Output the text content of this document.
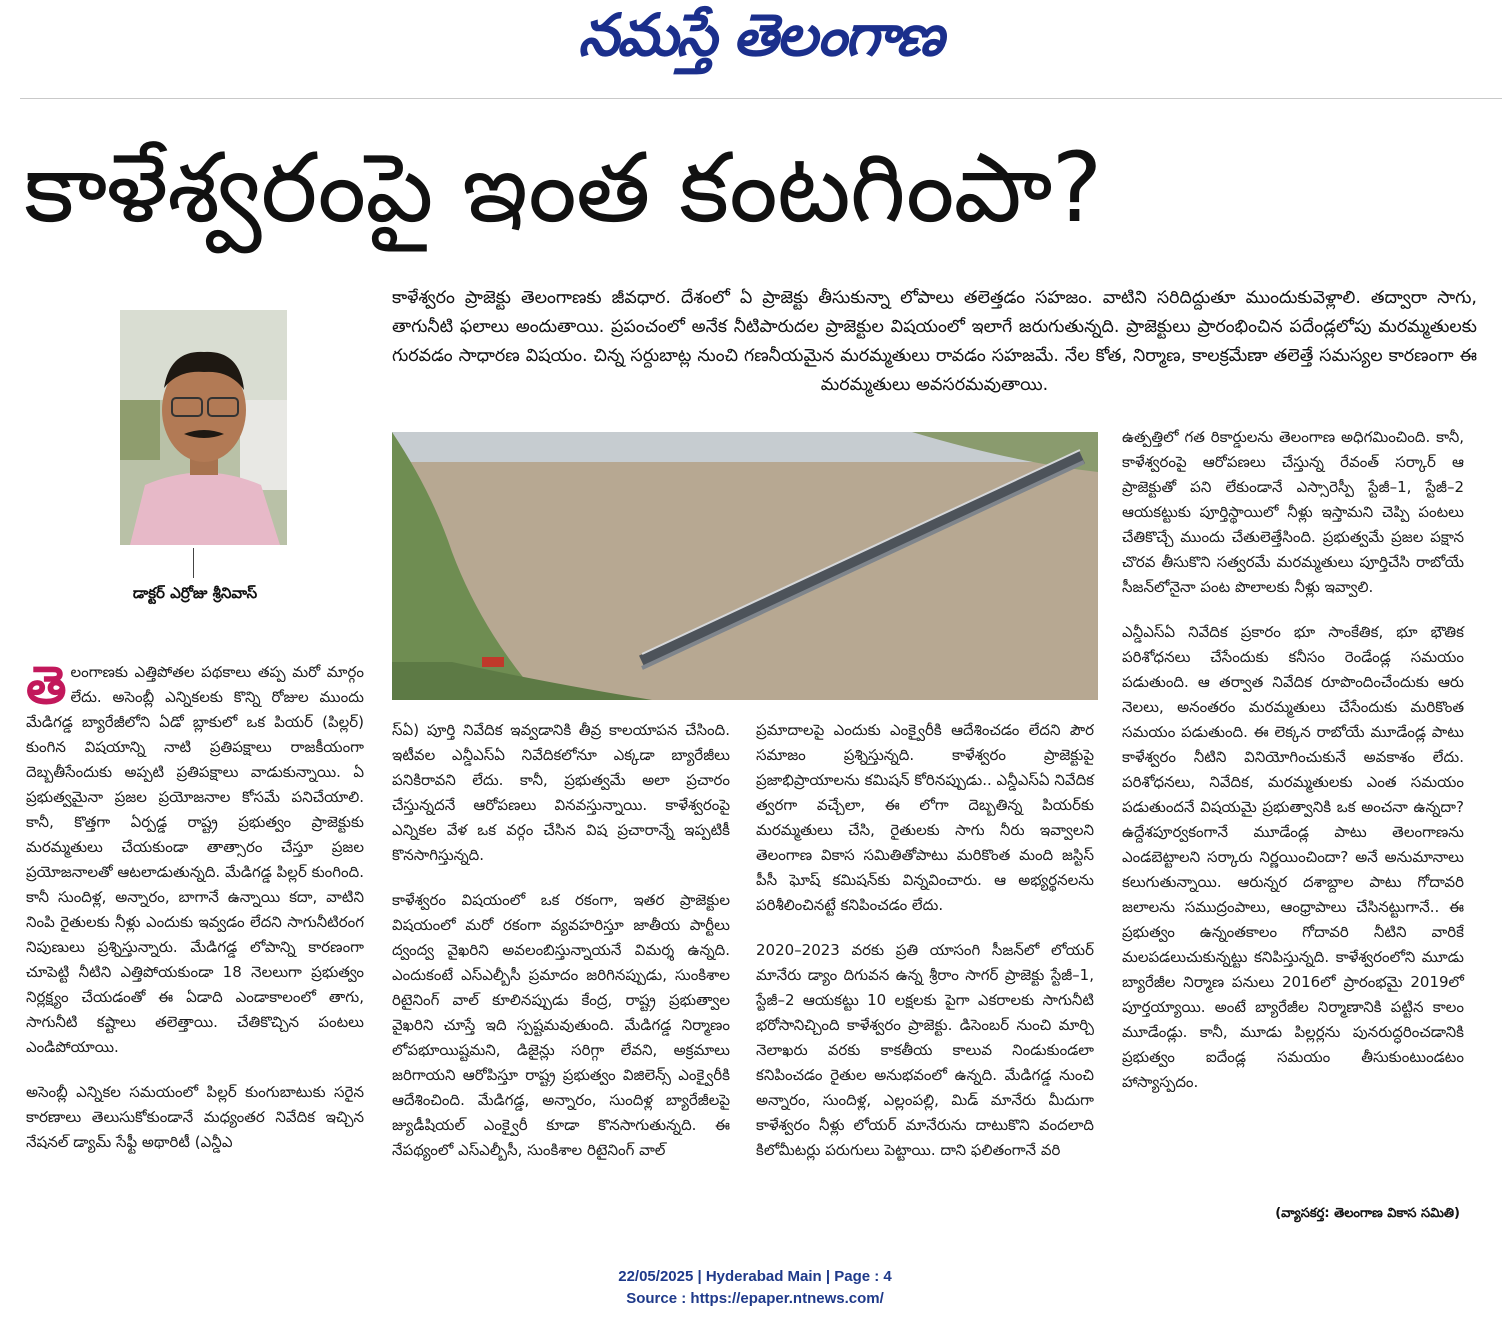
నమస్తే తెలంగాణ
కాళేశ్వరంపై ఇంత కంటగింపా?
కాళేశ్వరం ప్రాజెక్టు తెలంగాణకు జీవధార. దేశంలో ఏ ప్రాజెక్టు తీసుకున్నా లోపాలు తలెత్తడం సహజం. వాటిని సరిదిద్దుతూ ముందుకువెళ్లాలి. తద్వారా సాగు, తాగునీటి ఫలాలు అందుతాయి. ప్రపంచంలో అనేక నీటిపారుదల ప్రాజెక్టుల విషయంలో ఇలాగే జరుగుతున్నది. ప్రాజెక్టులు ప్రారంభించిన పదేండ్లలోపు మరమ్మతులకు గురవడం సాధారణ విషయం. చిన్న సర్దుబాట్ల నుంచి గణనీయమైన మరమ్మతులు రావడం సహజమే. నేల కోత, నిర్మాణ, కాలక్రమేణా తలెత్తే సమస్యల కారణంగా ఈ మరమ్మతులు అవసరమవుతాయి.
డాక్టర్ ఎర్రోజు శ్రీనివాస్

తె లంగాణకు ఎత్తిపోతల పథకాలు తప్ప మరో మార్గం లేదు. అసెంబ్లీ ఎన్నికలకు కొన్ని రోజుల ముందు మేడిగడ్డ బ్యారేజీలోని ఏడో బ్లాకులో ఒక పియర్ (పిల్లర్) కుంగిన విషయాన్ని నాటి ప్రతిపక్షాలు రాజకీయంగా దెబ్బతీసేందుకు అప్పటి ప్రతిపక్షాలు వాడుకున్నాయి. ఏ ప్రభుత్వమైనా ప్రజల ప్రయోజనాల కోసమే పనిచేయాలి. కానీ, కొత్తగా ఏర్పడ్డ రాష్ట్ర ప్రభుత్వం ప్రాజెక్టుకు మరమ్మతులు చేయకుండా తాత్సారం చేస్తూ ప్రజల ప్రయోజనాలతో ఆటలాడుతున్నది. మేడిగడ్డ పిల్లర్ కుంగింది. కానీ సుందిళ్ల, అన్నారం, బాగానే ఉన్నాయి కదా, వాటిని నింపి రైతులకు నీళ్లు ఎందుకు ఇవ్వడం లేదని సాగునీటిరంగ నిపుణులు ప్రశ్నిస్తున్నారు. మేడిగడ్డ లోపాన్ని కారణంగా చూపెట్టి నీటిని ఎత్తిపోయకుండా 18 నెలలుగా ప్రభుత్వం నిర్లక్ష్యం చేయడంతో ఈ ఏడాది ఎండాకాలంలో తాగు, సాగునీటి కష్టాలు తలెత్తాయి. చేతికొచ్చిన పంటలు ఎండిపోయాయి.

అసెంబ్లీ ఎన్నికల సమయంలో పిల్లర్ కుంగుబాటుకు సరైన కారణాలు తెలుసుకోకుండానే మధ్యంతర నివేదిక ఇచ్చిన నేషనల్ డ్యామ్ సేఫ్టీ అథారిటీ (ఎన్డీఎ

స్ఏ) పూర్తి నివేదిక ఇవ్వడానికి తీవ్ర కాలయాపన చేసింది. ఇటీవల ఎన్డీఎస్ఏ నివేదికలోనూ ఎక్కడా బ్యారేజీలు పనికిరావని లేదు. కానీ, ప్రభుత్వమే అలా ప్రచారం చేస్తున్నదనే ఆరోపణలు వినవస్తున్నాయి. కాళేశ్వరంపై ఎన్నికల వేళ ఒక వర్గం చేసిన విష ప్రచారాన్నే ఇప్పటికీ కొనసాగిస్తున్నది.

కాళేశ్వరం విషయంలో ఒక రకంగా, ఇతర ప్రాజెక్టుల విషయంలో మరో రకంగా వ్యవహరిస్తూ జాతీయ పార్టీలు ద్వంద్వ వైఖరిని అవలంబిస్తున్నాయనే విమర్శ ఉన్నది. ఎందుకంటే ఎస్ఎల్బీసీ ప్రమాదం జరిగినప్పుడు, సుంకిశాల రిటైనింగ్ వాల్ కూలినప్పుడు కేంద్ర, రాష్ట్ర ప్రభుత్వాల వైఖరిని చూస్తే ఇది స్పష్టమవుతుంది. మేడిగడ్డ నిర్మాణం లోపభూయిష్టమని, డిజైన్లు సరిగ్గా లేవని, అక్రమాలు జరిగాయని ఆరోపిస్తూ రాష్ట్ర ప్రభుత్వం విజిలెన్స్ ఎంక్వైరీకి ఆదేశించింది. మేడిగడ్డ, అన్నారం, సుందిళ్ల బ్యారేజీలపై జ్యుడీషియల్ ఎంక్వైరీ కూడా కొనసాగుతున్నది. ఈ నేపథ్యంలో ఎస్ఎల్బీసీ, సుంకిశాల రిటైనింగ్ వాల్

ప్రమాదాలపై ఎందుకు ఎంక్వైరీకి ఆదేశించడం లేదని పౌర సమాజం ప్రశ్నిస్తున్నది. కాళేశ్వరం ప్రాజెక్టుపై ప్రజాభిప్రాయాలను కమిషన్ కోరినప్పుడు.. ఎన్డీఎస్ఏ నివేదిక త్వరగా వచ్చేలా, ఈ లోగా దెబ్బతిన్న పియర్‌కు మరమ్మతులు చేసి, రైతులకు సాగు నీరు ఇవ్వాలని తెలంగాణ వికాస సమితితోపాటు మరికొంత మంది జస్టిస్ పీసీ ఘోష్ కమిషన్‌కు విన్నవించారు. ఆ అభ్యర్థనలను పరిశీలించినట్టే కనిపించడం లేదు.

2020–2023 వరకు ప్రతి యాసంగి సీజన్‌లో లోయర్ మానేరు డ్యాం దిగువన ఉన్న శ్రీరాం సాగర్ ప్రాజెక్టు స్టేజీ–1, స్టేజీ–2 ఆయకట్టు 10 లక్షలకు పైగా ఎకరాలకు సాగునీటి భరోసానిచ్చింది కాళేశ్వరం ప్రాజెక్టు. డిసెంబర్ నుంచి మార్చి నెలాఖరు వరకు కాకతీయ కాలువ నిండుకుండలా కనిపించడం రైతుల అనుభవంలో ఉన్నది. మేడిగడ్డ నుంచి అన్నారం, సుందిళ్ల, ఎల్లంపల్లి, మిడ్ మానేరు మీదుగా కాళేశ్వరం నీళ్లు లోయర్ మానేరును దాటుకొని వందలాది కిలోమీటర్లు పరుగులు పెట్టాయి. దాని ఫలితంగానే వరి

ఉత్పత్తిలో గత రికార్డులను తెలంగాణ అధిగమించింది. కానీ, కాళేశ్వరంపై ఆరోపణలు చేస్తున్న రేవంత్ సర్కార్ ఆ ప్రాజెక్టుతో పని లేకుండానే ఎస్సారెస్పీ స్టేజీ–1, స్టేజీ–2 ఆయకట్టుకు పూర్తిస్థాయిలో నీళ్లు ఇస్తామని చెప్పి పంటలు చేతికొచ్చే ముందు చేతులెత్తేసింది. ప్రభుత్వమే ప్రజల పక్షాన చొరవ తీసుకొని సత్వరమే మరమ్మతులు పూర్తిచేసి రాబోయే సీజన్‌లోనైనా పంట పొలాలకు నీళ్లు ఇవ్వాలి.

ఎన్డీఎస్ఏ నివేదిక ప్రకారం భూ సాంకేతిక, భూ భౌతిక పరిశోధనలు చేసేందుకు కనీసం రెండేండ్ల సమయం పడుతుంది. ఆ తర్వాత నివేదిక రూపొందించేందుకు ఆరు నెలలు, అనంతరం మరమ్మతులు చేసేందుకు మరికొంత సమయం పడుతుంది. ఈ లెక్కన రాబోయే మూడేండ్ల పాటు కాళేశ్వరం నీటిని వినియోగించుకునే అవకాశం లేదు. పరిశోధనలు, నివేదిక, మరమ్మతులకు ఎంత సమయం పడుతుందనే విషయమై ప్రభుత్వానికి ఒక అంచనా ఉన్నదా? ఉద్దేశపూర్వకంగానే మూడేండ్ల పాటు తెలంగాణను ఎండబెట్టాలని సర్కారు నిర్ణయించిందా? అనే అనుమానాలు కలుగుతున్నాయి. ఆరున్నర దశాబ్దాల పాటు గోదావరి జలాలను సముద్రంపాలు, ఆంధ్రాపాలు చేసినట్టుగానే.. ఈ ప్రభుత్వం ఉన్నంతకాలం గోదావరి నీటిని వారికే మలపడలుచుకున్నట్టు కనిపిస్తున్నది. కాళేశ్వరంలోని మూడు బ్యారేజీల నిర్మాణ పనులు 2016లో ప్రారంభమై 2019లో పూర్తయ్యాయి. అంటే బ్యారేజీల నిర్మాణానికి పట్టిన కాలం మూడేండ్లు. కానీ, మూడు పిల్లర్లను పునరుద్ధరించడానికి ప్రభుత్వం ఐదేండ్ల సమయం తీసుకుంటుండటం హాస్యాస్పదం.

(వ్యాసకర్త: తెలంగాణ వికాస సమితి)
22/05/2025 | Hyderabad Main | Page : 4
Source : https://epaper.ntnews.com/
